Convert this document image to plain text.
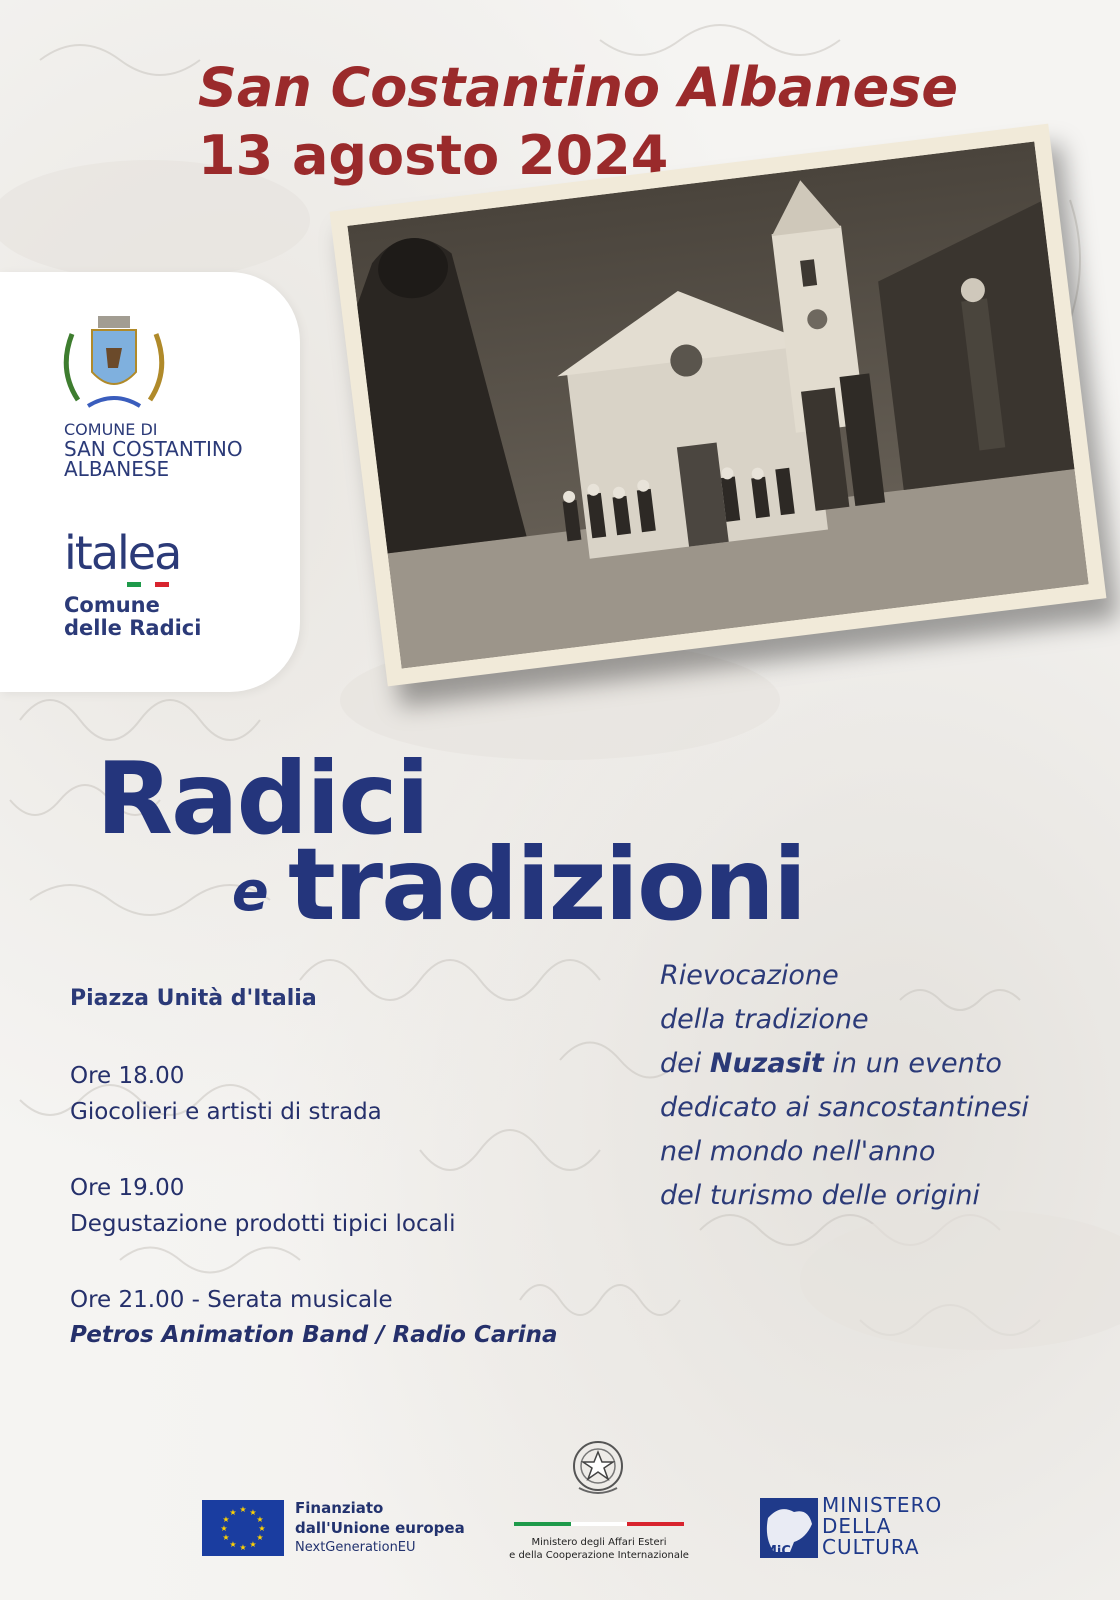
San Costantino Albanese
13 agosto 2024
COMUNE DI
SAN COSTANTINO
ALBANESE
italea
Comune
delle Radici
Radici
e tradizioni
Piazza Unità d'Italia
Ore 18.00
Giocolieri e artisti di strada
Ore 19.00
Degustazione prodotti tipici locali
Ore 21.00 - Serata musicale
Petros Animation Band / Radio Carina
Rievocazione
della tradizione
dei Nuzasit in un evento
dedicato ai sancostantinesi
nel mondo nell'anno
del turismo delle origini
★ ★
★
★
★
★
★
★
★
★
★
★	Finanziato
dall'Unione europea
NextGenerationEU	Ministero degli Affari Esteri
e della Cooperazione Internazionale	MiC
MINISTERO
DELLA
CULTURA
